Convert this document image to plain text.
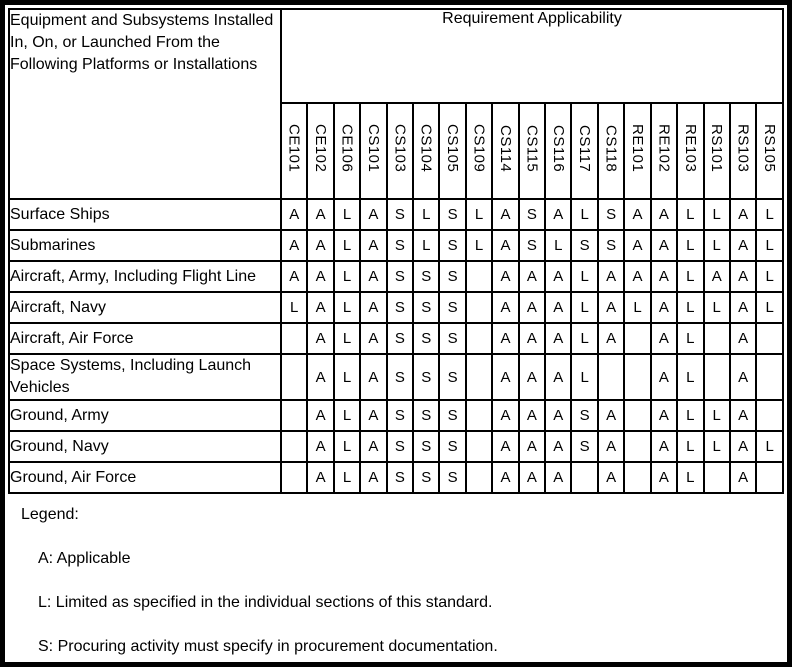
Equipment and Subsystems Installed In, On, or Launched From the Following Platforms or Installations	Requirement Applicability																		
	CE101	CE102	CE106	CS101	CS103	CS104	CS105	CS109	CS114	CS115	CS116	CS117	CS118	RE101	RE102	RE103	RS101	RS103	RS105
Surface Ships	A	A	L	A	S	L	S	L	A	S	A	L	S	A	A	L	L	A	L
Submarines	A	A	L	A	S	L	S	L	A	S	L	S	S	A	A	L	L	A	L
Aircraft, Army, Including Flight Line	A	A	L	A	S	S	S		A	A	A	L	A	A	A	L	A	A	L
Aircraft, Navy	L	A	L	A	S	S	S		A	A	A	L	A	L	A	L	L	A	L
Aircraft, Air Force		A	L	A	S	S	S		A	A	A	L	A		A	L		A	
Space Systems, Including Launch Vehicles		A	L	A	S	S	S		A	A	A	L			A	L		A	
Ground, Army		A	L	A	S	S	S		A	A	A	S	A		A	L	L	A	
Ground, Navy		A	L	A	S	S	S		A	A	A	S	A		A	L	L	A	L
Ground, Air Force		A	L	A	S	S	S		A	A	A		A		A	L		A	
Legend:
A: Applicable
L: Limited as specified in the individual sections of this standard.
S: Procuring activity must specify in procurement documentation.
